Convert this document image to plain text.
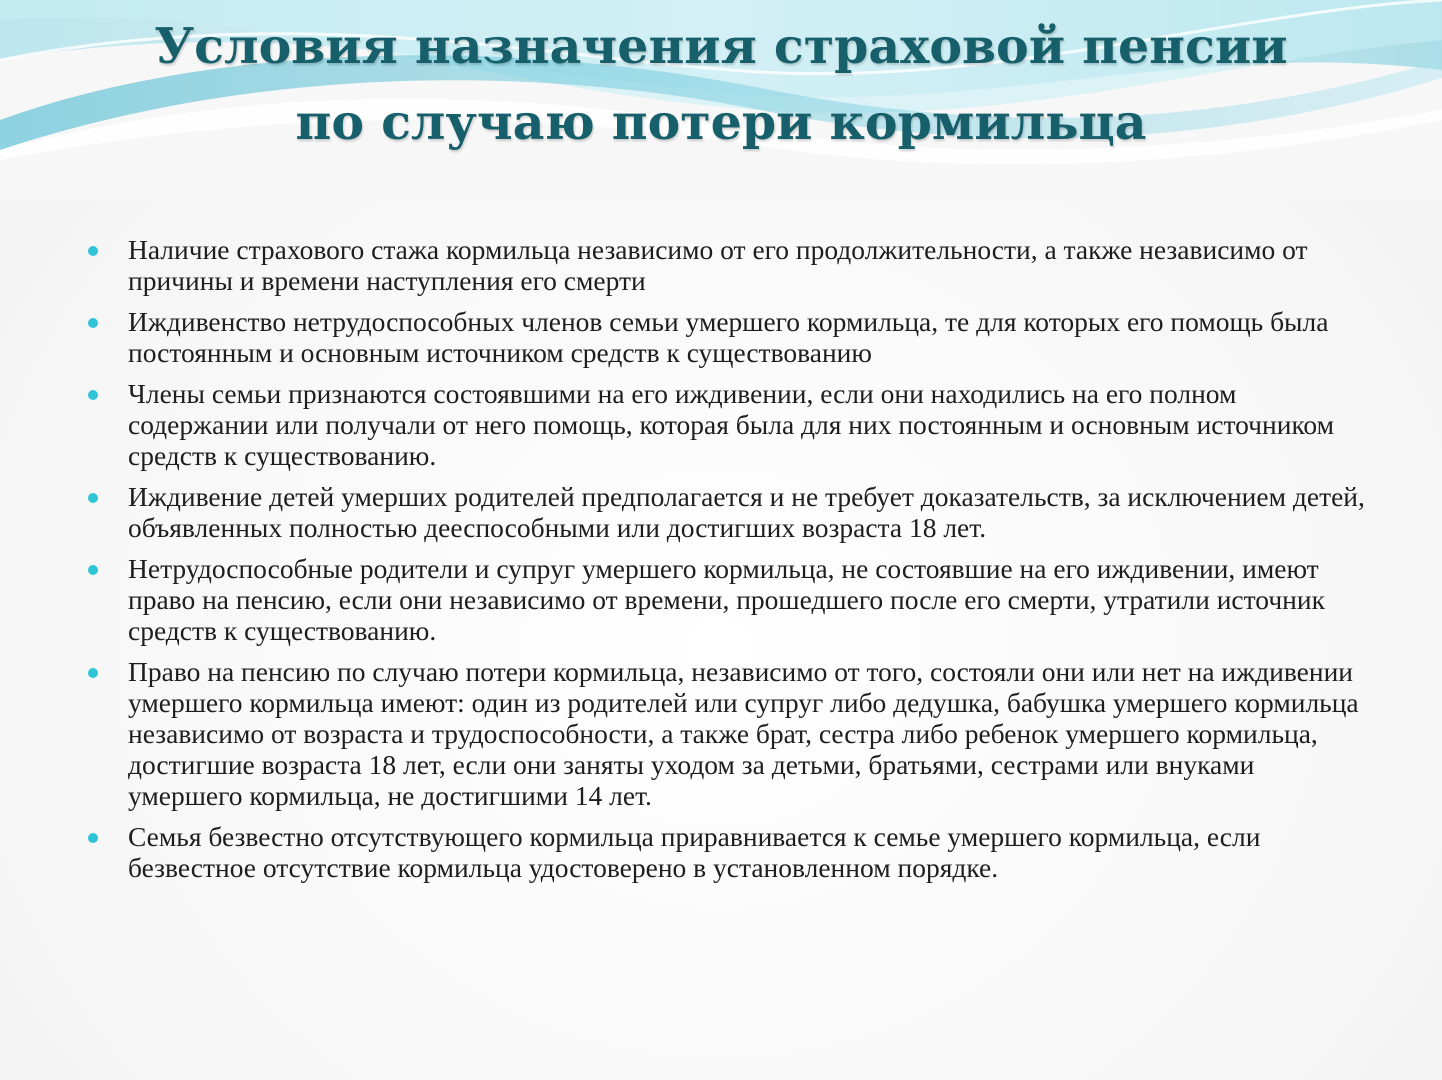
Условия назначения страховой пенсии
по случаю потери кормильца
Наличие страхового стажа кормильца независимо от его продолжительности, а также независимо от причины и времени наступления его смерти
Иждивенство нетрудоспособных членов семьи умершего кормильца, те для которых его помощь была постоянным и основным источником средств к существованию
Члены семьи признаются состоявшими на его иждивении, если они находились на его полном содержании или получали от него помощь, которая была для них постоянным и основным источником средств к существованию.
Иждивение детей умерших родителей предполагается и не требует доказательств, за исключением детей, объявленных полностью дееспособными или достигших возраста 18 лет.
Нетрудоспособные родители и супруг умершего кормильца, не состоявшие на его иждивении, имеют право на пенсию, если они независимо от времени, прошедшего после его смерти, утратили источник средств к существованию.
Право на пенсию по случаю потери кормильца, независимо от того, состояли они или нет на иждивении умершего кормильца имеют: один из родителей или супруг либо дедушка, бабушка умершего кормильца независимо от возраста и трудоспособности, а также брат, сестра либо ребенок умершего кормильца, достигшие возраста 18 лет, если они заняты уходом за детьми, братьями, сестрами или внуками умершего кормильца, не достигшими 14 лет.
Семья безвестно отсутствующего кормильца приравнивается к семье умершего кормильца, если безвестное отсутствие кормильца удостоверено в установленном порядке.
